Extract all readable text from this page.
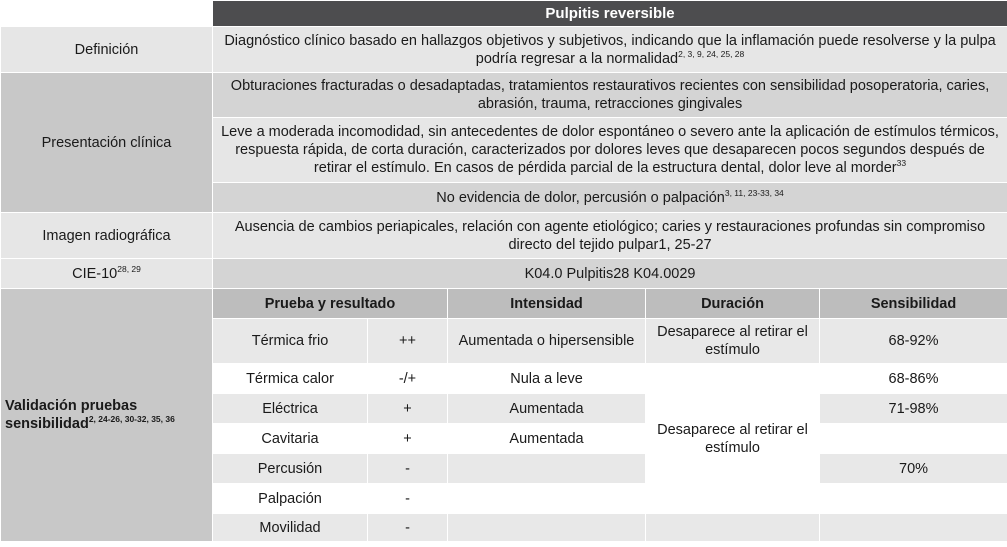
	Pulpitis reversible				
Definición	Diagnóstico clínico basado en hallazgos objetivos y subjetivos, indicando que la inflamación puede resolverse y la pulpa podría regresar a la normalidad$^{2, 3, 9, 24, 25, 28}$
Presentación clínica	Obturaciones fracturadas o desadaptadas, tratamientos restaurativos recientes con sensibilidad posoperatoria, caries, abrasión, trauma, retracciones gingivales				
	Leve a moderada incomodidad, sin antecedentes de dolor espontáneo o severo ante la aplicación de estímulos térmicos, respuesta rápida, de corta duración, caracterizados por dolores leves que desaparecen pocos segundos después de retirar el estímulo. En casos de pérdida parcial de la estructura dental, dolor leve al morder$^{33}$
	No evidencia de dolor, percusión o palpación$^{3, 11, 23-33, 34}$
Imagen radiográfica	Ausencia de cambios periapicales, relación con agente etiológico; caries y restauraciones profundas sin compromiso directo del tejido pulpar1, 25-27				
CIE-10$^{28, 29}$	K04.0 Pulpitis28 K04.0029				
Validación pruebas sensibilidad$^{2, 24-26, 30-32, 35, 36}$	Prueba y resultado		Intensidad	Duración	Sensibilidad
	Térmica frio	++	Aumentada o hipersensible	Desaparece al retirar el estímulo	68-92%
	Térmica calor	-/+	Nula a leve		68-86%
	Eléctrica	+	Aumentada	Desaparece al retirar el estímulo	71-98%
	Cavitaria	+	Aumentada		
	Percusión	-			70%
	Palpación	-			
	Movilidad	-			
